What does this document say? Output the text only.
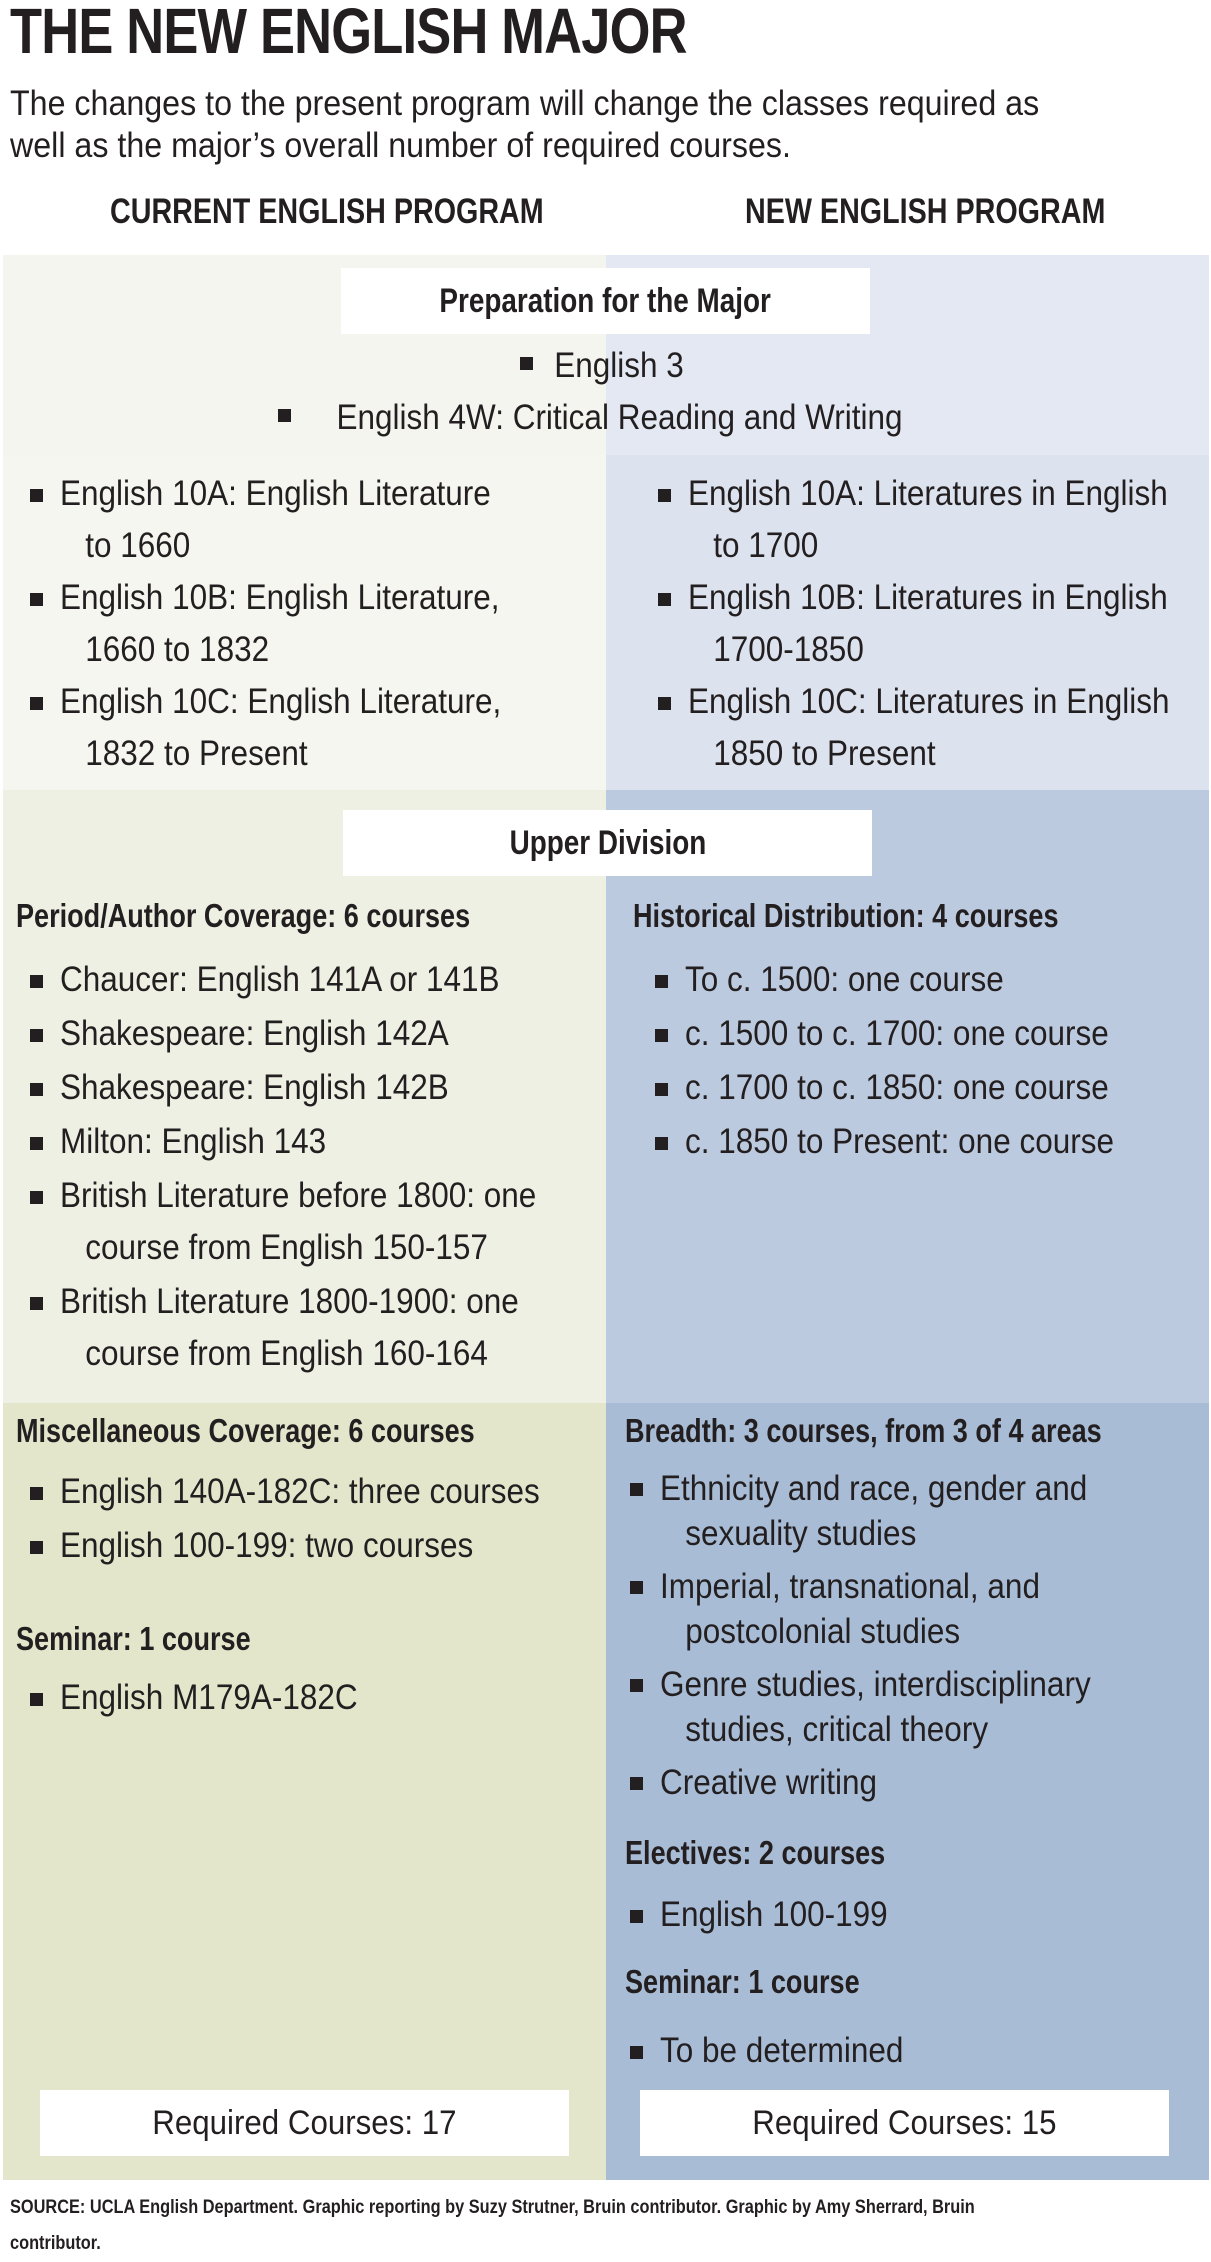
THE NEW ENGLISH MAJOR
The changes to the present program will change the classes required as well as the major’s overall number of required courses.
CURRENT ENGLISH PROGRAM	NEW ENGLISH PROGRAM
Preparation for the Major
English 3
English 4W: Critical Reading and Writing
English 10A: English Literature
to 1660
English 10B: English Literature,
1660 to 1832
English 10C: English Literature,
1832 to Present
English 10A: Literatures in English
to 1700
English 10B: Literatures in English
1700-1850
English 10C: Literatures in English
1850 to Present
Upper Division
Period/Author Coverage: 6 courses
Chaucer: English 141A or 141B
Shakespeare: English 142A
Shakespeare: English 142B
Milton: English 143
British Literature before 1800: one
course from English 150-157
British Literature 1800-1900: one
course from English 160-164
Miscellaneous Coverage: 6 courses
English 140A-182C: three courses
English 100-199: two courses
Seminar: 1 course
English M179A-182C
Historical Distribution: 4 courses
To c. 1500: one course
c. 1500 to c. 1700: one course
c. 1700 to c. 1850: one course
c. 1850 to Present: one course
Breadth: 3 courses, from 3 of 4 areas
Ethnicity and race, gender and
sexuality studies
Imperial, transnational, and
postcolonial studies
Genre studies, interdisciplinary
studies, critical theory
Creative writing
Electives: 2 courses
English 100-199
Seminar: 1 course
To be determined
Required Courses: 17	Required Courses: 15
SOURCE: UCLA English Department. Graphic reporting by Suzy Strutner, Bruin contributor. Graphic by Amy Sherrard, Bruin contributor.
